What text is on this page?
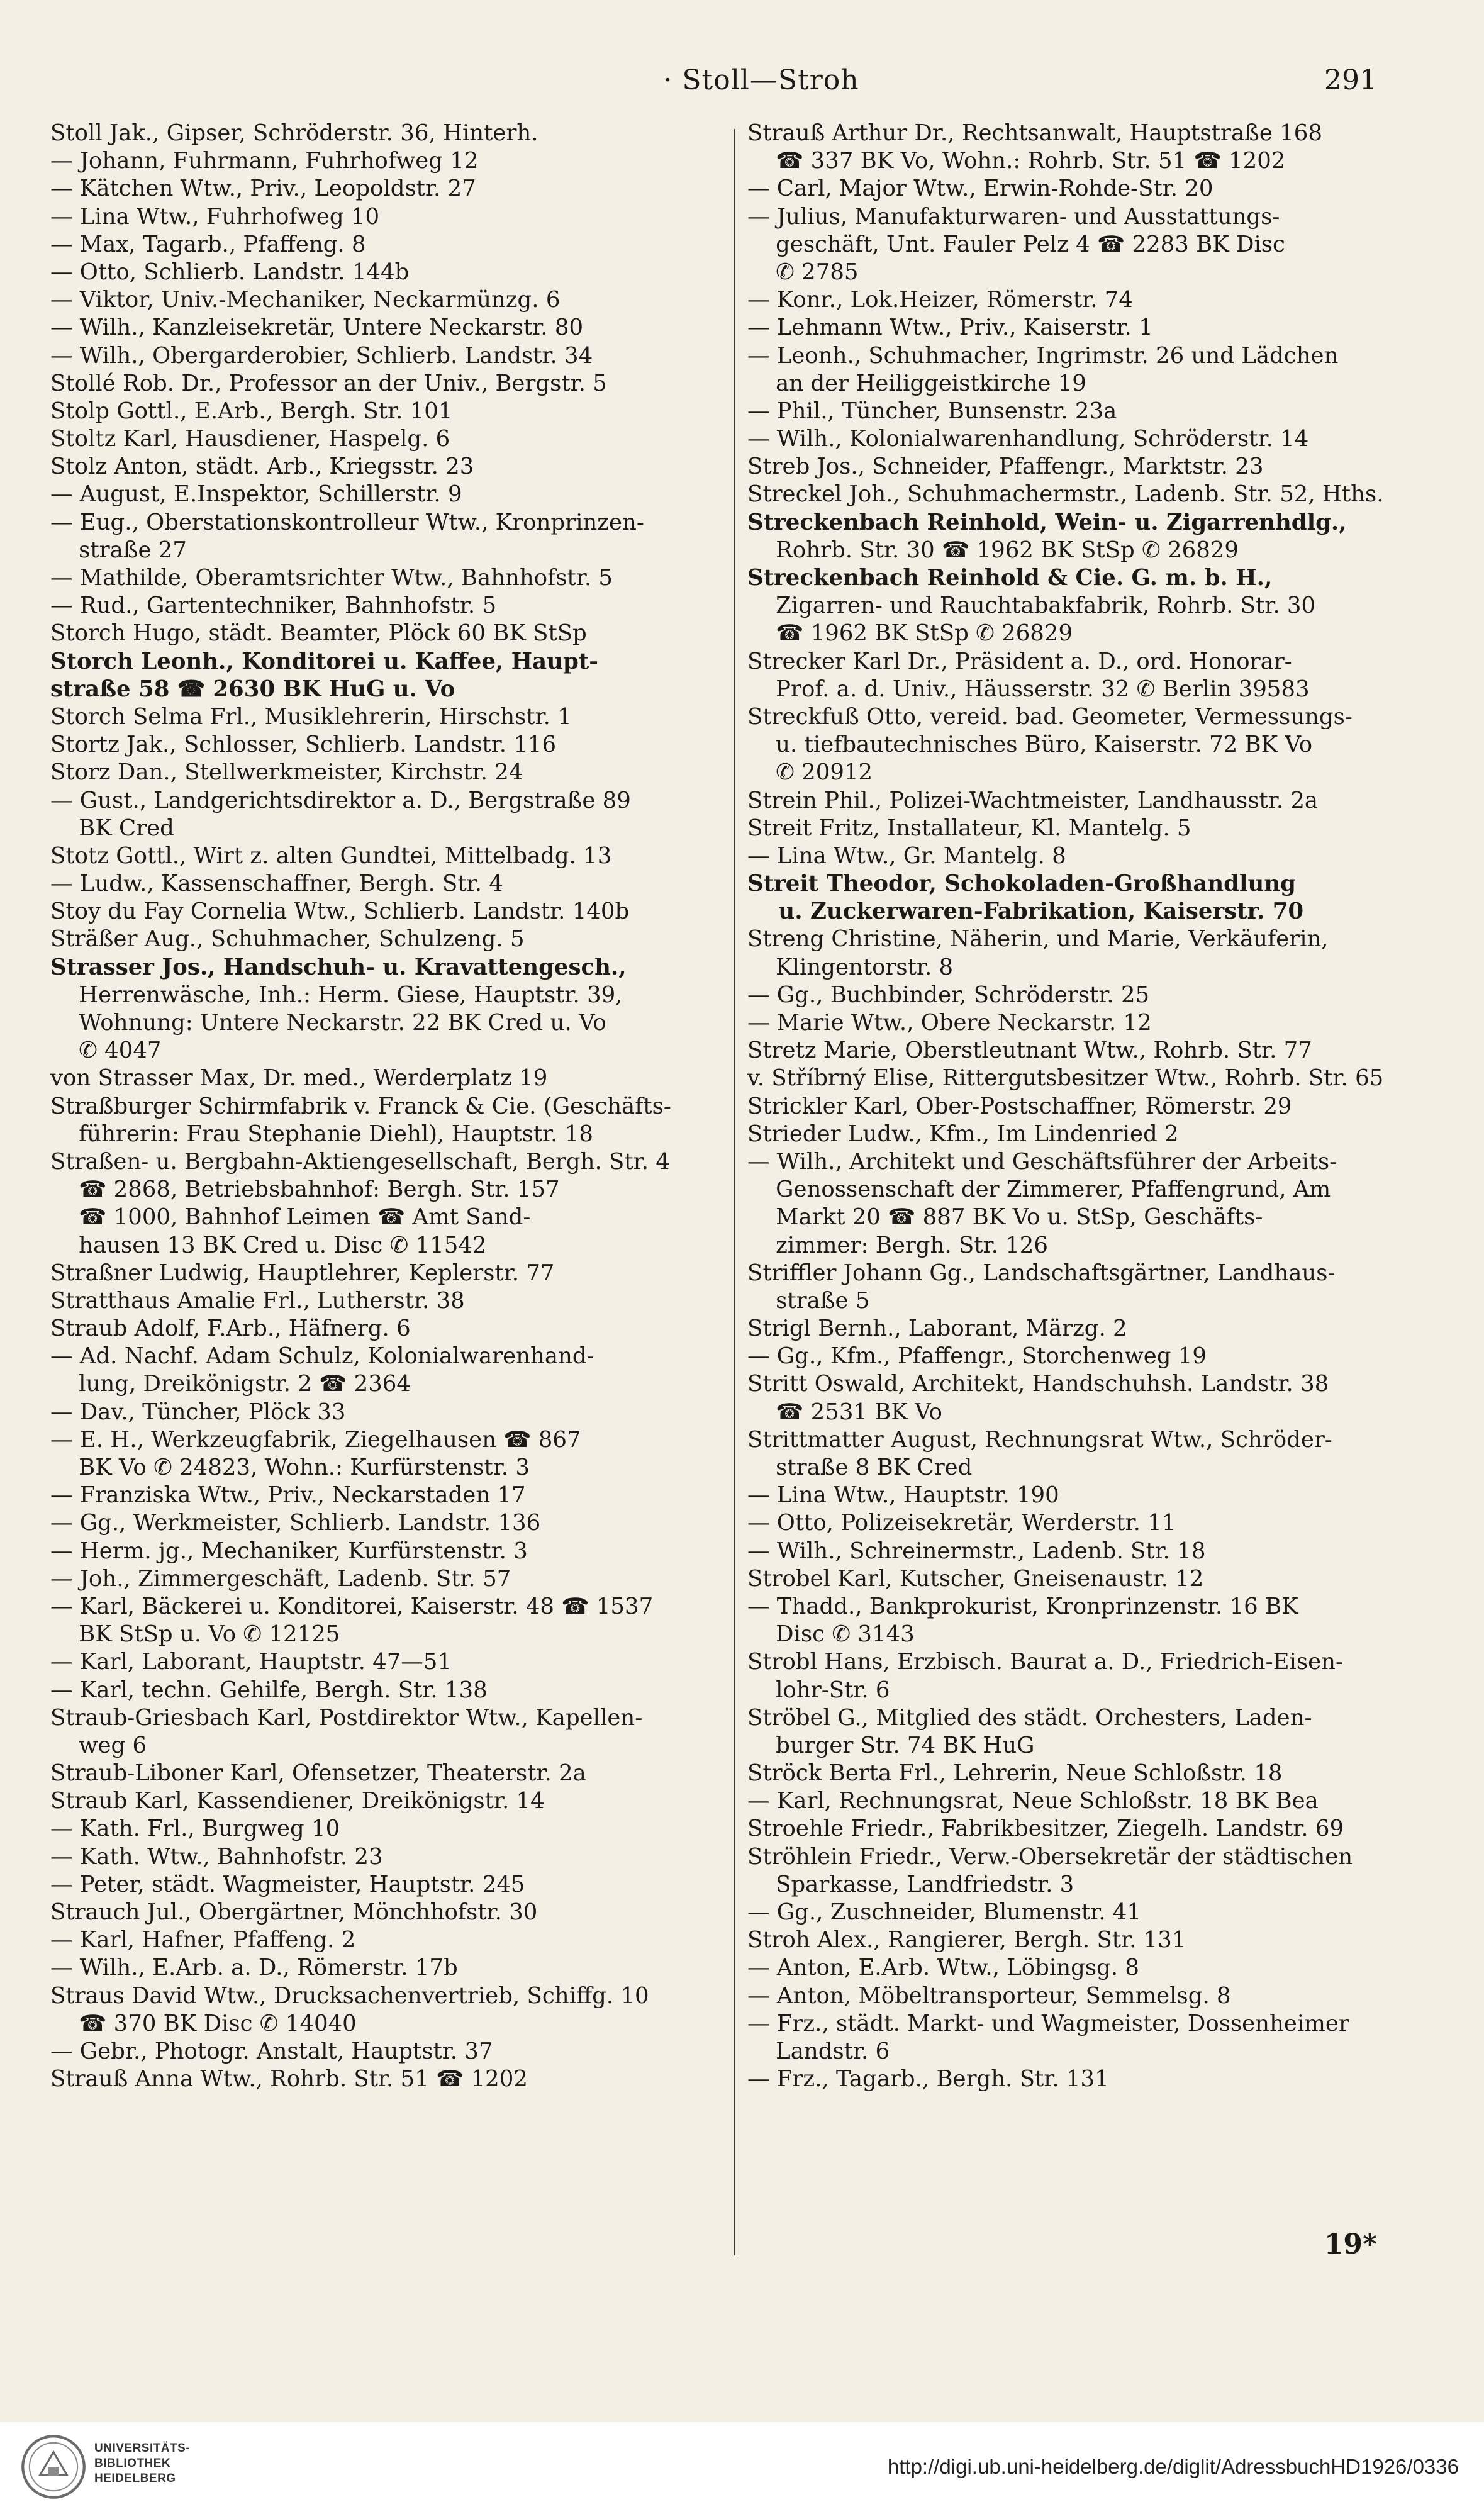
· Stoll—Stroh	291
Stoll Jak., Gipser, Schröderstr. 36, Hinterh.
— Johann, Fuhrmann, Fuhrhofweg 12
— Kätchen Wtw., Priv., Leopoldstr. 27
— Lina Wtw., Fuhrhofweg 10
— Max, Tagarb., Pfaffeng. 8
— Otto, Schlierb. Landstr. 144b
— Viktor, Univ.-Mechaniker, Neckarmünzg. 6
— Wilh., Kanzleisekretär, Untere Neckarstr. 80
— Wilh., Obergarderobier, Schlierb. Landstr. 34
Stollé Rob. Dr., Professor an der Univ., Bergstr. 5
Stolp Gottl., E.Arb., Bergh. Str. 101
Stoltz Karl, Hausdiener, Haspelg. 6
Stolz Anton, städt. Arb., Kriegsstr. 23
— August, E.Inspektor, Schillerstr. 9
— Eug., Oberstationskontrolleur Wtw., Kronprinzen-
straße 27
— Mathilde, Oberamtsrichter Wtw., Bahnhofstr. 5
— Rud., Gartentechniker, Bahnhofstr. 5
Storch Hugo, städt. Beamter, Plöck 60 BK StSp
Storch Leonh., Konditorei u. Kaffee, Haupt-
straße 58 ☎ 2630 BK HuG u. Vo
Storch Selma Frl., Musiklehrerin, Hirschstr. 1
Stortz Jak., Schlosser, Schlierb. Landstr. 116
Storz Dan., Stellwerkmeister, Kirchstr. 24
— Gust., Landgerichtsdirektor a. D., Bergstraße 89
BK Cred
Stotz Gottl., Wirt z. alten Gundtei, Mittelbadg. 13
— Ludw., Kassenschaffner, Bergh. Str. 4
Stoy du Fay Cornelia Wtw., Schlierb. Landstr. 140b
Sträßer Aug., Schuhmacher, Schulzeng. 5
Strasser Jos., Handschuh- u. Kravattengesch.,
Herrenwäsche, Inh.: Herm. Giese, Hauptstr. 39,
Wohnung: Untere Neckarstr. 22 BK Cred u. Vo
✆ 4047
von Strasser Max, Dr. med., Werderplatz 19
Straßburger Schirmfabrik v. Franck & Cie. (Geschäfts-
führerin: Frau Stephanie Diehl), Hauptstr. 18
Straßen- u. Bergbahn-Aktiengesellschaft, Bergh. Str. 4
☎ 2868, Betriebsbahnhof: Bergh. Str. 157
☎ 1000, Bahnhof Leimen ☎ Amt Sand-
hausen 13 BK Cred u. Disc ✆ 11542
Straßner Ludwig, Hauptlehrer, Keplerstr. 77
Stratthaus Amalie Frl., Lutherstr. 38
Straub Adolf, F.Arb., Häfnerg. 6
— Ad. Nachf. Adam Schulz, Kolonialwarenhand-
lung, Dreikönigstr. 2 ☎ 2364
— Dav., Tüncher, Plöck 33
— E. H., Werkzeugfabrik, Ziegelhausen ☎ 867
BK Vo ✆ 24823, Wohn.: Kurfürstenstr. 3
— Franziska Wtw., Priv., Neckarstaden 17
— Gg., Werkmeister, Schlierb. Landstr. 136
— Herm. jg., Mechaniker, Kurfürstenstr. 3
— Joh., Zimmergeschäft, Ladenb. Str. 57
— Karl, Bäckerei u. Konditorei, Kaiserstr. 48 ☎ 1537
BK StSp u. Vo ✆ 12125
— Karl, Laborant, Hauptstr. 47—51
— Karl, techn. Gehilfe, Bergh. Str. 138
Straub-Griesbach Karl, Postdirektor Wtw., Kapellen-
weg 6
Straub-Liboner Karl, Ofensetzer, Theaterstr. 2a
Straub Karl, Kassendiener, Dreikönigstr. 14
— Kath. Frl., Burgweg 10
— Kath. Wtw., Bahnhofstr. 23
— Peter, städt. Wagmeister, Hauptstr. 245
Strauch Jul., Obergärtner, Mönchhofstr. 30
— Karl, Hafner, Pfaffeng. 2
— Wilh., E.Arb. a. D., Römerstr. 17b
Straus David Wtw., Drucksachenvertrieb, Schiffg. 10
☎ 370 BK Disc ✆ 14040
— Gebr., Photogr. Anstalt, Hauptstr. 37
Strauß Anna Wtw., Rohrb. Str. 51 ☎ 1202
Strauß Arthur Dr., Rechtsanwalt, Hauptstraße 168
☎ 337 BK Vo, Wohn.: Rohrb. Str. 51 ☎ 1202
— Carl, Major Wtw., Erwin-Rohde-Str. 20
— Julius, Manufakturwaren- und Ausstattungs-
geschäft, Unt. Fauler Pelz 4 ☎ 2283 BK Disc
✆ 2785
— Konr., Lok.Heizer, Römerstr. 74
— Lehmann Wtw., Priv., Kaiserstr. 1
— Leonh., Schuhmacher, Ingrimstr. 26 und Lädchen
an der Heiliggeistkirche 19
— Phil., Tüncher, Bunsenstr. 23a
— Wilh., Kolonialwarenhandlung, Schröderstr. 14
Streb Jos., Schneider, Pfaffengr., Marktstr. 23
Streckel Joh., Schuhmachermstr., Ladenb. Str. 52, Hths.
Streckenbach Reinhold, Wein- u. Zigarrenhdlg.,
Rohrb. Str. 30 ☎ 1962 BK StSp ✆ 26829
Streckenbach Reinhold & Cie. G. m. b. H.,
Zigarren- und Rauchtabakfabrik, Rohrb. Str. 30
☎ 1962 BK StSp ✆ 26829
Strecker Karl Dr., Präsident a. D., ord. Honorar-
Prof. a. d. Univ., Häusserstr. 32 ✆ Berlin 39583
Streckfuß Otto, vereid. bad. Geometer, Vermessungs-
u. tiefbautechnisches Büro, Kaiserstr. 72 BK Vo
✆ 20912
Strein Phil., Polizei-Wachtmeister, Landhausstr. 2a
Streit Fritz, Installateur, Kl. Mantelg. 5
— Lina Wtw., Gr. Mantelg. 8
Streit Theodor, Schokoladen-Großhandlung
u. Zuckerwaren-Fabrikation, Kaiserstr. 70
Streng Christine, Näherin, und Marie, Verkäuferin,
Klingentorstr. 8
— Gg., Buchbinder, Schröderstr. 25
— Marie Wtw., Obere Neckarstr. 12
Stretz Marie, Oberstleutnant Wtw., Rohrb. Str. 77
v. Stříbrný Elise, Rittergutsbesitzer Wtw., Rohrb. Str. 65
Strickler Karl, Ober-Postschaffner, Römerstr. 29
Strieder Ludw., Kfm., Im Lindenried 2
— Wilh., Architekt und Geschäftsführer der Arbeits-
Genossenschaft der Zimmerer, Pfaffengrund, Am
Markt 20 ☎ 887 BK Vo u. StSp, Geschäfts-
zimmer: Bergh. Str. 126
Striffler Johann Gg., Landschaftsgärtner, Landhaus-
straße 5
Strigl Bernh., Laborant, Märzg. 2
— Gg., Kfm., Pfaffengr., Storchenweg 19
Stritt Oswald, Architekt, Handschuhsh. Landstr. 38
☎ 2531 BK Vo
Strittmatter August, Rechnungsrat Wtw., Schröder-
straße 8 BK Cred
— Lina Wtw., Hauptstr. 190
— Otto, Polizeisekretär, Werderstr. 11
— Wilh., Schreinermstr., Ladenb. Str. 18
Strobel Karl, Kutscher, Gneisenaustr. 12
— Thadd., Bankprokurist, Kronprinzenstr. 16 BK
Disc ✆ 3143
Strobl Hans, Erzbisch. Baurat a. D., Friedrich-Eisen-
lohr-Str. 6
Ströbel G., Mitglied des städt. Orchesters, Laden-
burger Str. 74 BK HuG
Ströck Berta Frl., Lehrerin, Neue Schloßstr. 18
— Karl, Rechnungsrat, Neue Schloßstr. 18 BK Bea
Stroehle Friedr., Fabrikbesitzer, Ziegelh. Landstr. 69
Ströhlein Friedr., Verw.-Obersekretär der städtischen
Sparkasse, Landfriedstr. 3
— Gg., Zuschneider, Blumenstr. 41
Stroh Alex., Rangierer, Bergh. Str. 131
— Anton, E.Arb. Wtw., Löbingsg. 8
— Anton, Möbeltransporteur, Semmelsg. 8
— Frz., städt. Markt- und Wagmeister, Dossenheimer
Landstr. 6
— Frz., Tagarb., Bergh. Str. 131
19*
UNIVERSITÄTS-
BIBLIOTHEK
HEIDELBERG
http://digi.ub.uni-heidelberg.de/diglit/AdressbuchHD1926/0336
